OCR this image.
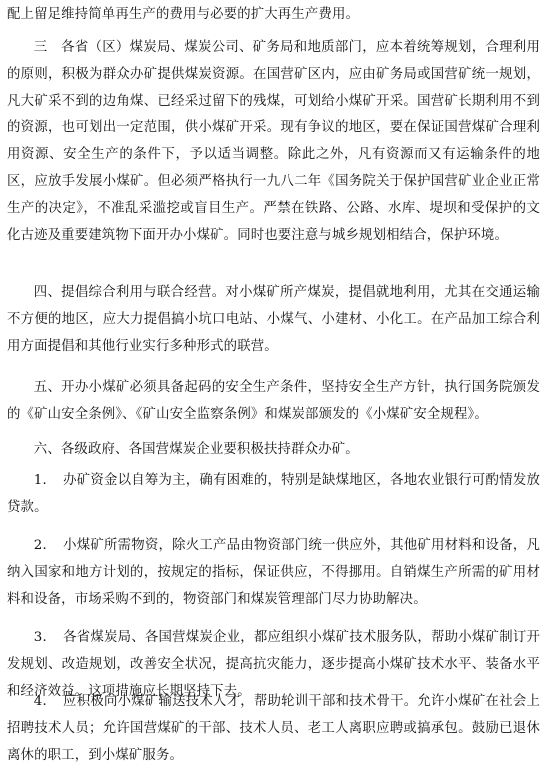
配上留足维持简单再生产的费用与必要的扩大再生产费用。

三　各省（区）煤炭局、煤炭公司、矿务局和地质部门，应本着统筹规划，合理利用的原则，积极为群众办矿提供煤炭资源。在国营矿区内，应由矿务局或国营矿统一规划，凡大矿采不到的边角煤、已经采过留下的残煤，可划给小煤矿开采。国营矿长期利用不到的资源，也可划出一定范围，供小煤矿开采。现有争议的地区，要在保证国营煤矿合理利用资源、安全生产的条件下，予以适当调整。除此之外，凡有资源而又有运输条件的地区，应放手发展小煤矿。但必须严格执行一九八二年《国务院关于保护国营矿业企业正常生产的决定》，不准乱采滥挖或盲目生产。严禁在铁路、公路、水库、堤坝和受保护的文化古迹及重要建筑物下面开办小煤矿。同时也要注意与城乡规划相结合，保护环境。

四、提倡综合利用与联合经营。对小煤矿所产煤炭，提倡就地利用，尤其在交通运输不方便的地区，应大力提倡搞小坑口电站、小煤气、小建材、小化工。在产品加工综合利用方面提倡和其他行业实行多种形式的联营。

五、开办小煤矿必须具备起码的安全生产条件，坚持安全生产方针，执行国务院颁发的《矿山安全条例》、《矿山安全监察条例》和煤炭部颁发的《小煤矿安全规程》。

六、各级政府、各国营煤炭企业要积极扶持群众办矿。

1．　办矿资金以自筹为主，确有困难的，特别是缺煤地区，各地农业银行可酌情发放贷款。

2．　小煤矿所需物资，除火工产品由物资部门统一供应外，其他矿用材料和设备，凡纳入国家和地方计划的，按规定的指标，保证供应，不得挪用。自销煤生产所需的矿用材料和设备，市场采购不到的，物资部门和煤炭管理部门尽力协助解决。

3．　各省煤炭局、各国营煤炭企业，都应组织小煤矿技术服务队，帮助小煤矿制订开发规划、改造规划，改善安全状况，提高抗灾能力，逐步提高小煤矿技术水平、装备水平和经济效益。这项措施应长期坚持下去。

4．　应积极向小煤矿输送技术人才，帮助轮训干部和技术骨干。允许小煤矿在社会上招聘技术人员；允许国营煤矿的干部、技术人员、老工人离职应聘或搞承包。鼓励已退休离休的职工，到小煤矿服务。
